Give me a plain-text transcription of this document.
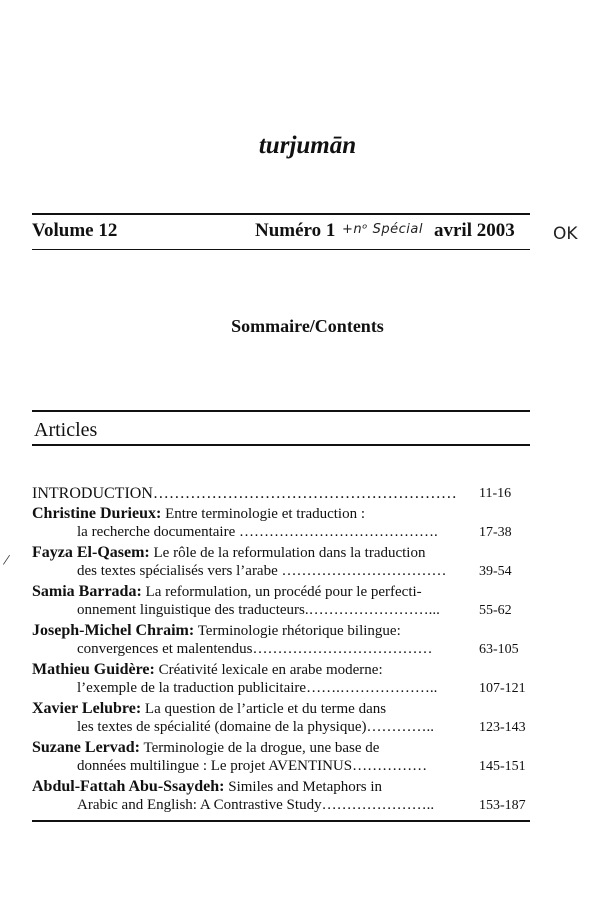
turjumān
Volume 12	Numéro 1 +nᵒ Spécial avril 2003 OK
Sommaire/Contents
Articles
/
INTRODUCTION………………………………………………… 11-16
Christine Durieux: Entre terminologie et traduction :
la recherche documentaire ………………………………….	17-38
Fayza El-Qasem: Le rôle de la reformulation dans la traduction
des textes spécialisés vers l’arabe …………………………… 39-54
Samia Barrada: La reformulation, un procédé pour le perfecti-
onnement linguistique des traducteurs.……………………...	55-62
Joseph-Michel Chraim: Terminologie rhétorique bilingue:
convergences et malentendus………………………………	63-105
Mathieu Guidère: Créativité lexicale en arabe moderne:
l’exemple de la traduction publicitaire…….………………..	107-121
Xavier Lelubre: La question de l’article et du terme dans
les textes de spécialité (domaine de la physique)…………..	123-143
Suzane Lervad: Terminologie de la drogue, une base de
données multilingue : Le projet AVENTINUS……………	145-151
Abdul-Fattah Abu-Ssaydeh: Similes and Metaphors in
Arabic and English: A Contrastive Study…………………..	153-187
